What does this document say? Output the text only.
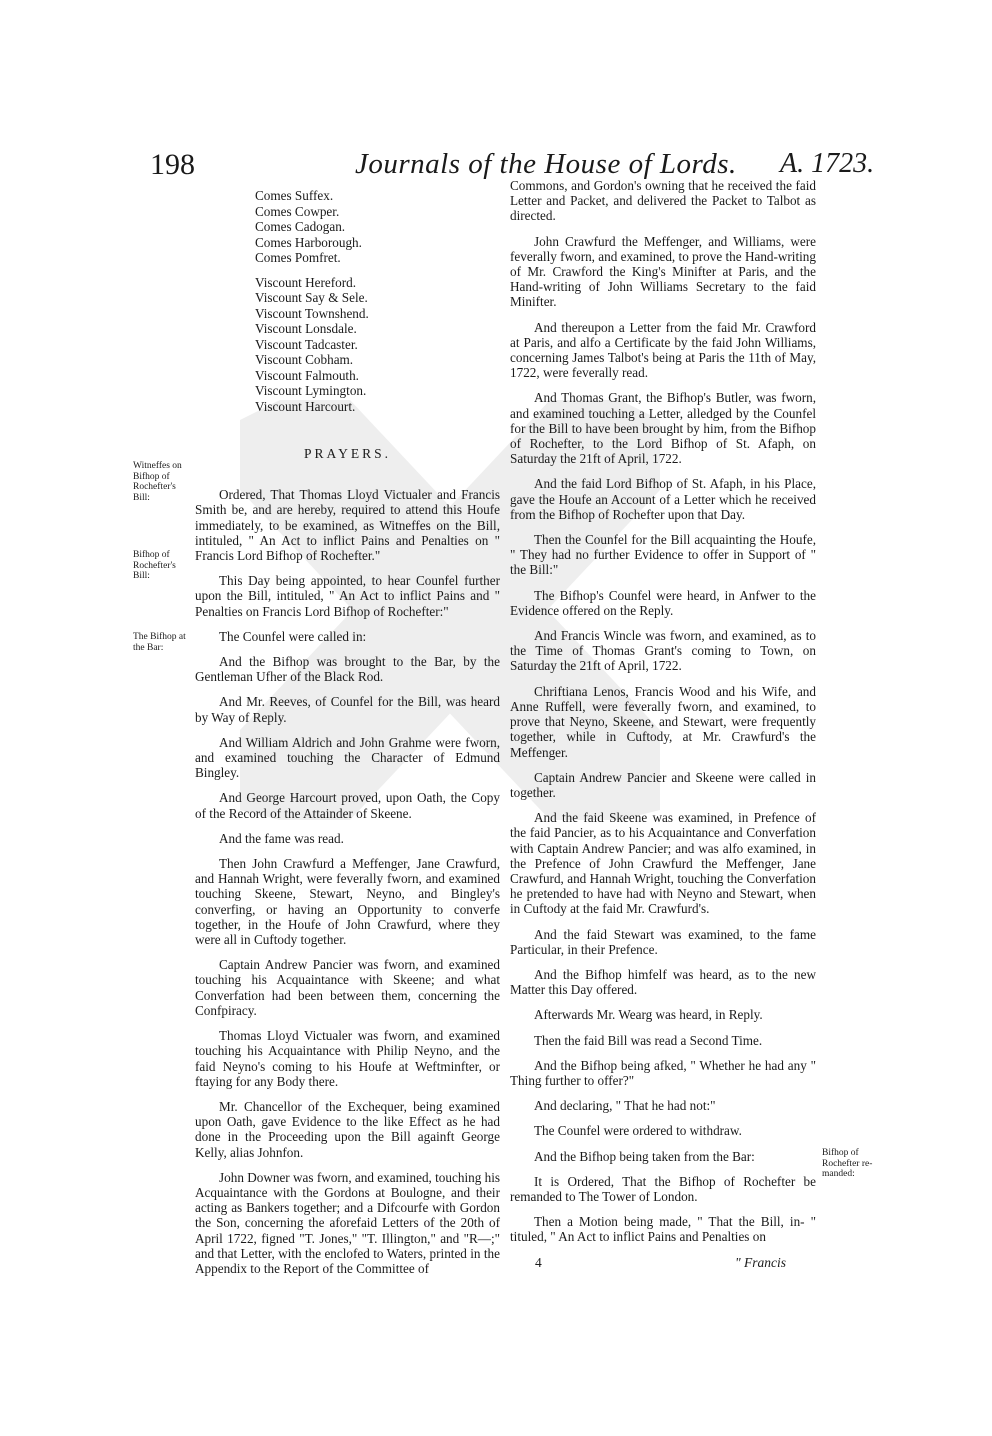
198	Journals of the House of Lords. A. 1723.
Witneffes on Bifhop of Rochefter's Bill:
Bifhop of Rochefter's Bill:
The Bifhop at the Bar:
Bifhop of Rochefter re-manded:
Comes Suffex.
Comes Cowper.
Comes Cadogan.
Comes Harborough.
Comes Pomfret.
Viscount Hereford.
Viscount Say & Sele.
Viscount Townshend.
Viscount Lonsdale.
Viscount Tadcaster.
Viscount Cobham.
Viscount Falmouth.
Viscount Lymington.
Viscount Harcourt.
PRAYERS.

Ordered, That Thomas Lloyd Victualer and Francis Smith be, and are hereby, required to attend this Houfe immediately, to be examined, as Witneffes on the Bill, intituled, " An Act to inflict Pains and Penalties on " Francis Lord Bifhop of Rochefter."

This Day being appointed, to hear Counfel further upon the Bill, intituled, " An Act to inflict Pains and " Penalties on Francis Lord Bifhop of Rochefter:"

The Counfel were called in:

And the Bifhop was brought to the Bar, by the Gentleman Ufher of the Black Rod.

And Mr. Reeves, of Counfel for the Bill, was heard by Way of Reply.

And William Aldrich and John Grahme were fworn, and examined touching the Character of Edmund Bingley.

And George Harcourt proved, upon Oath, the Copy of the Record of the Attainder of Skeene.

And the fame was read.

Then John Crawfurd a Meffenger, Jane Crawfurd, and Hannah Wright, were feverally fworn, and examined touching Skeene, Stewart, Neyno, and Bingley's converfing, or having an Opportunity to converfe together, in the Houfe of John Crawfurd, where they were all in Cuftody together.

Captain Andrew Pancier was fworn, and examined touching his Acquaintance with Skeene; and what Converfation had been between them, concerning the Confpiracy.

Thomas Lloyd Victualer was fworn, and examined touching his Acquaintance with Philip Neyno, and the faid Neyno's coming to his Houfe at Weftminfter, or ftaying for any Body there.

Mr. Chancellor of the Exchequer, being examined upon Oath, gave Evidence to the like Effect as he had done in the Proceeding upon the Bill againft George Kelly, alias Johnfon.

John Downer was fworn, and examined, touching his Acquaintance with the Gordons at Boulogne, and their acting as Bankers together; and a Difcourfe with Gordon the Son, concerning the aforefaid Letters of the 20th of April 1722, figned "T. Jones," "T. Illington," and "R—;" and that Letter, with the enclofed to Waters, printed in the Appendix to the Report of the Committee of

Commons, and Gordon's owning that he received the faid Letter and Packet, and delivered the Packet to Talbot as directed.

John Crawfurd the Meffenger, and Williams, were feverally fworn, and examined, to prove the Hand-writing of Mr. Crawford the King's Minifter at Paris, and the Hand-writing of John Williams Secretary to the faid Minifter.

And thereupon a Letter from the faid Mr. Crawford at Paris, and alfo a Certificate by the faid John Williams, concerning James Talbot's being at Paris the 11th of May, 1722, were feverally read.

And Thomas Grant, the Bifhop's Butler, was fworn, and examined touching a Letter, alledged by the Counfel for the Bill to have been brought by him, from the Bifhop of Rochefter, to the Lord Bifhop of St. Afaph, on Saturday the 21ft of April, 1722.

And the faid Lord Bifhop of St. Afaph, in his Place, gave the Houfe an Account of a Letter which he received from the Bifhop of Rochefter upon that Day.

Then the Counfel for the Bill acquainting the Houfe, " They had no further Evidence to offer in Support of " the Bill:"

The Bifhop's Counfel were heard, in Anfwer to the Evidence offered on the Reply.

And Francis Wincle was fworn, and examined, as to the Time of Thomas Grant's coming to Town, on Saturday the 21ft of April, 1722.

Chriftiana Lenos, Francis Wood and his Wife, and Anne Ruffell, were feverally fworn, and examined, to prove that Neyno, Skeene, and Stewart, were frequently together, while in Cuftody, at Mr. Crawfurd's the Meffenger.

Captain Andrew Pancier and Skeene were called in together.

And the faid Skeene was examined, in Prefence of the faid Pancier, as to his Acquaintance and Converfation with Captain Andrew Pancier; and was alfo examined, in the Prefence of John Crawfurd the Meffenger, Jane Crawfurd, and Hannah Wright, touching the Converfation he pretended to have had with Neyno and Stewart, when in Cuftody at the faid Mr. Crawfurd's.

And the faid Stewart was examined, to the fame Particular, in their Prefence.

And the Bifhop himfelf was heard, as to the new Matter this Day offered.

Afterwards Mr. Wearg was heard, in Reply.

Then the faid Bill was read a Second Time.

And the Bifhop being afked, " Whether he had any " Thing further to offer?"

And declaring, " That he had not:"

The Counfel were ordered to withdraw.

And the Bifhop being taken from the Bar:

It is Ordered, That the Bifhop of Rochefter be remanded to The Tower of London.

Then a Motion being made, " That the Bill, in- " tituled, " An Act to inflict Pains and Penalties on

4	" Francis
